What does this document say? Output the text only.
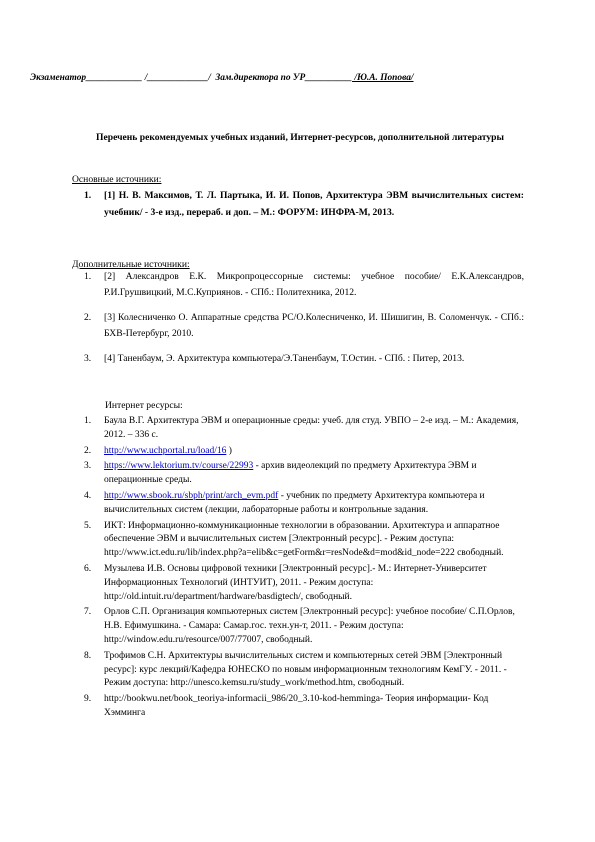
Экзаменатор____________ /_____________/  Зам.директора по УР__________ /Ю.А. Попова/
Перечень рекомендуемых учебных изданий, Интернет-ресурсов, дополнительной литературы
Основные источники:
1. [1] Н. В. Максимов, Т. Л. Партыка, И. И. Попов, Архитектура ЭВМ вычислительных систем: учебник/ - 3-е изд., перераб. и доп. – М.: ФОРУМ: ИНФРА-М, 2013.
Дополнительные источники:
1. [2] Александров Е.К. Микропроцессорные системы: учебное пособие/ Е.К.Александров, Р.И.Грушвицкий, М.С.Куприянов. - СПб.: Политехника, 2012.
2. [3] Колесниченко О. Аппаратные средства PC/О.Колесниченко, И. Шишигин, В. Соломенчук. - СПб.: БХВ-Петербург, 2010.
3. [4] Таненбаум, Э. Архитектура компьютера/Э.Таненбаум, Т.Остин. - СПб. : Питер, 2013.
Интернет ресурсы:
1. Баула В.Г. Архитектура ЭВМ и операционные среды: учеб. для студ. УВПО – 2-е изд. – М.: Академия, 2012. – 336 с.
2. http://www.uchportal.ru/load/16 )
3. https://www.lektorium.tv/course/22993 - архив видеолекций по предмету Архитектура ЭВМ и операционные среды.
4. http://www.sbook.ru/sbph/print/arch_evm.pdf - учебник по предмету Архитектура компьютера и вычислительных систем (лекции, лабораторные работы и контрольные задания.
5. ИКТ: Информационно-коммуникационные технологии в образовании. Архитектура и аппаратное обеспечение ЭВМ и вычислительных систем [Электронный ресурс]. - Режим доступа: http://www.ict.edu.ru/lib/index.php?a=elib&c=getForm&r=resNode&d=mod&id_node=222 свободный.
6. Музылева И.В. Основы цифровой техники [Электронный ресурс].- М.: Интернет-Университет Информационных Технологий (ИНТУИТ), 2011. - Режим доступа: http://old.intuit.ru/department/hardware/basdigtech/, свободный.
7. Орлов С.П. Организация компьютерных систем [Электронный ресурс]: учебное пособие/ С.П.Орлов, Н.В. Ефимушкина. - Самара: Самар.гос. техн.ун-т, 2011. - Режим доступа: http://window.edu.ru/resource/007/77007, свободный.
8. Трофимов С.Н. Архитектуры вычислительных систем и компьютерных сетей ЭВМ [Электронный ресурс]: курс лекций/Кафедра ЮНЕСКО по новым информационным технологиям КемГУ. - 2011. - Режим доступа: http://unesco.kemsu.ru/study_work/method.htm, свободный.
9. http://bookwu.net/book_teoriya-informacii_986/20_3.10-kod-hemminga- Теория информации- Код Хэмминга
